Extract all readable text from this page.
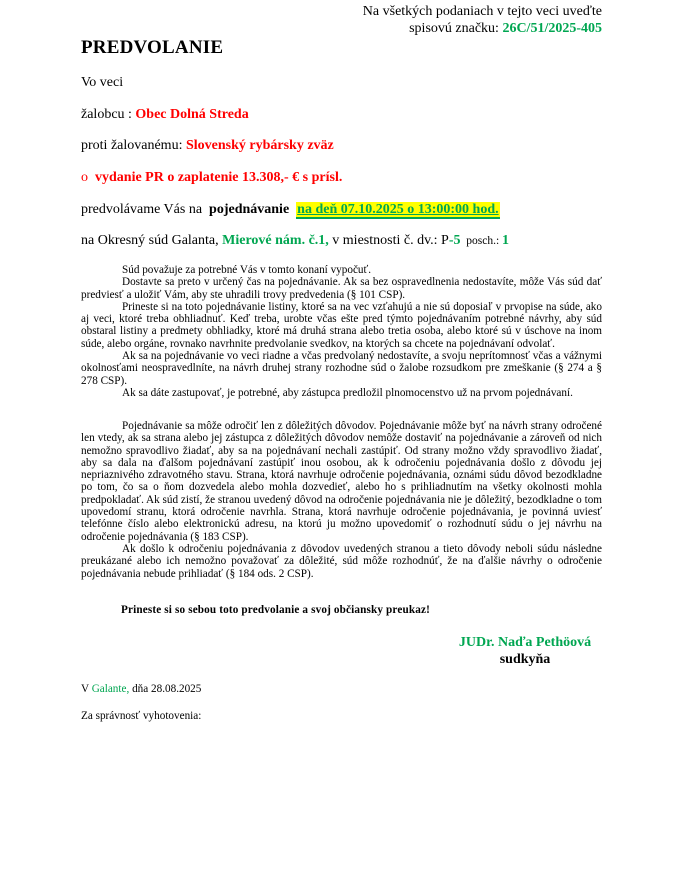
Na všetkých podaniach v tejto veci uveďte
spisovú značku: 26C/51/2025-405
PREDVOLANIE
Vo veci
žalobcu : Obec Dolná Streda
proti žalovanému: Slovenský rybársky zväz
o  vydanie PR o zaplatenie 13.308,- € s prísl.
predvolávame Vás na  pojednávanie na deň 07.10.2025 o 13:00:00 hod.
na Okresný súd Galanta, Mierové nám. č.1, v miestnosti č. dv.: P-5  posch.: 1

Súd považuje za potrebné Vás v tomto konaní vypočuť.

Dostavte sa preto v určený čas na pojednávanie. Ak sa bez ospravedlnenia nedostavíte, môže Vás súd dať predviesť a uložiť Vám, aby ste uhradili trovy predvedenia (§ 101 CSP).

Prineste si na toto pojednávanie listiny, ktoré sa na vec vzťahujú a nie sú doposiaľ v prvopise na súde, ako aj veci, ktoré treba obhliadnuť. Keď treba, urobte včas ešte pred týmto pojednávaním potrebné návrhy, aby súd obstaral listiny a predmety obhliadky, ktoré má druhá strana alebo tretia osoba, alebo ktoré sú v úschove na inom súde, alebo orgáne, rovnako navrhnite predvolanie svedkov, na ktorých sa chcete na pojednávaní odvolať.

Ak sa na pojednávanie vo veci riadne a včas predvolaný nedostavíte, a svoju neprítomnosť včas a vážnymi okolnosťami neospravedlníte, na návrh druhej strany rozhodne súd o žalobe rozsudkom pre zmeškanie (§ 274 a § 278 CSP).

Ak sa dáte zastupovať, je potrebné, aby zástupca predložil plnomocenstvo už na prvom pojednávaní.

Pojednávanie sa môže odročiť len z dôležitých dôvodov. Pojednávanie môže byť na návrh strany odročené len vtedy, ak sa strana alebo jej zástupca z dôležitých dôvodov nemôže dostaviť na pojednávanie a zároveň od nich nemožno spravodlivo žiadať, aby sa na pojednávaní nechali zastúpiť. Od strany možno vždy spravodlivo žiadať, aby sa dala na ďalšom pojednávaní zastúpiť inou osobou, ak k odročeniu pojednávania došlo z dôvodu jej nepriaznivého zdravotného stavu. Strana, ktorá navrhuje odročenie pojednávania, oznámi súdu dôvod bezodkladne po tom, čo sa o ňom dozvedela alebo mohla dozvedieť, alebo ho s prihliadnutím na všetky okolnosti mohla predpokladať. Ak súd zistí, že stranou uvedený dôvod na odročenie pojednávania nie je dôležitý, bezodkladne o tom upovedomí stranu, ktorá odročenie navrhla. Strana, ktorá navrhuje odročenie pojednávania, je povinná uviesť telefónne číslo alebo elektronickú adresu, na ktorú ju možno upovedomiť o rozhodnutí súdu o jej návrhu na odročenie pojednávania (§ 183 CSP).

Ak došlo k odročeniu pojednávania z dôvodov uvedených stranou a tieto dôvody neboli súdu následne preukázané alebo ich nemožno považovať za dôležité, súd môže rozhodnúť, že na ďalšie návrhy o odročenie pojednávania nebude prihliadať (§ 184 ods. 2 CSP).

Prineste si so sebou toto predvolanie a svoj občiansky preukaz!
JUDr. Naďa Pethöová
sudkyňa
V Galante, dňa 28.08.2025
Za správnosť vyhotovenia:
